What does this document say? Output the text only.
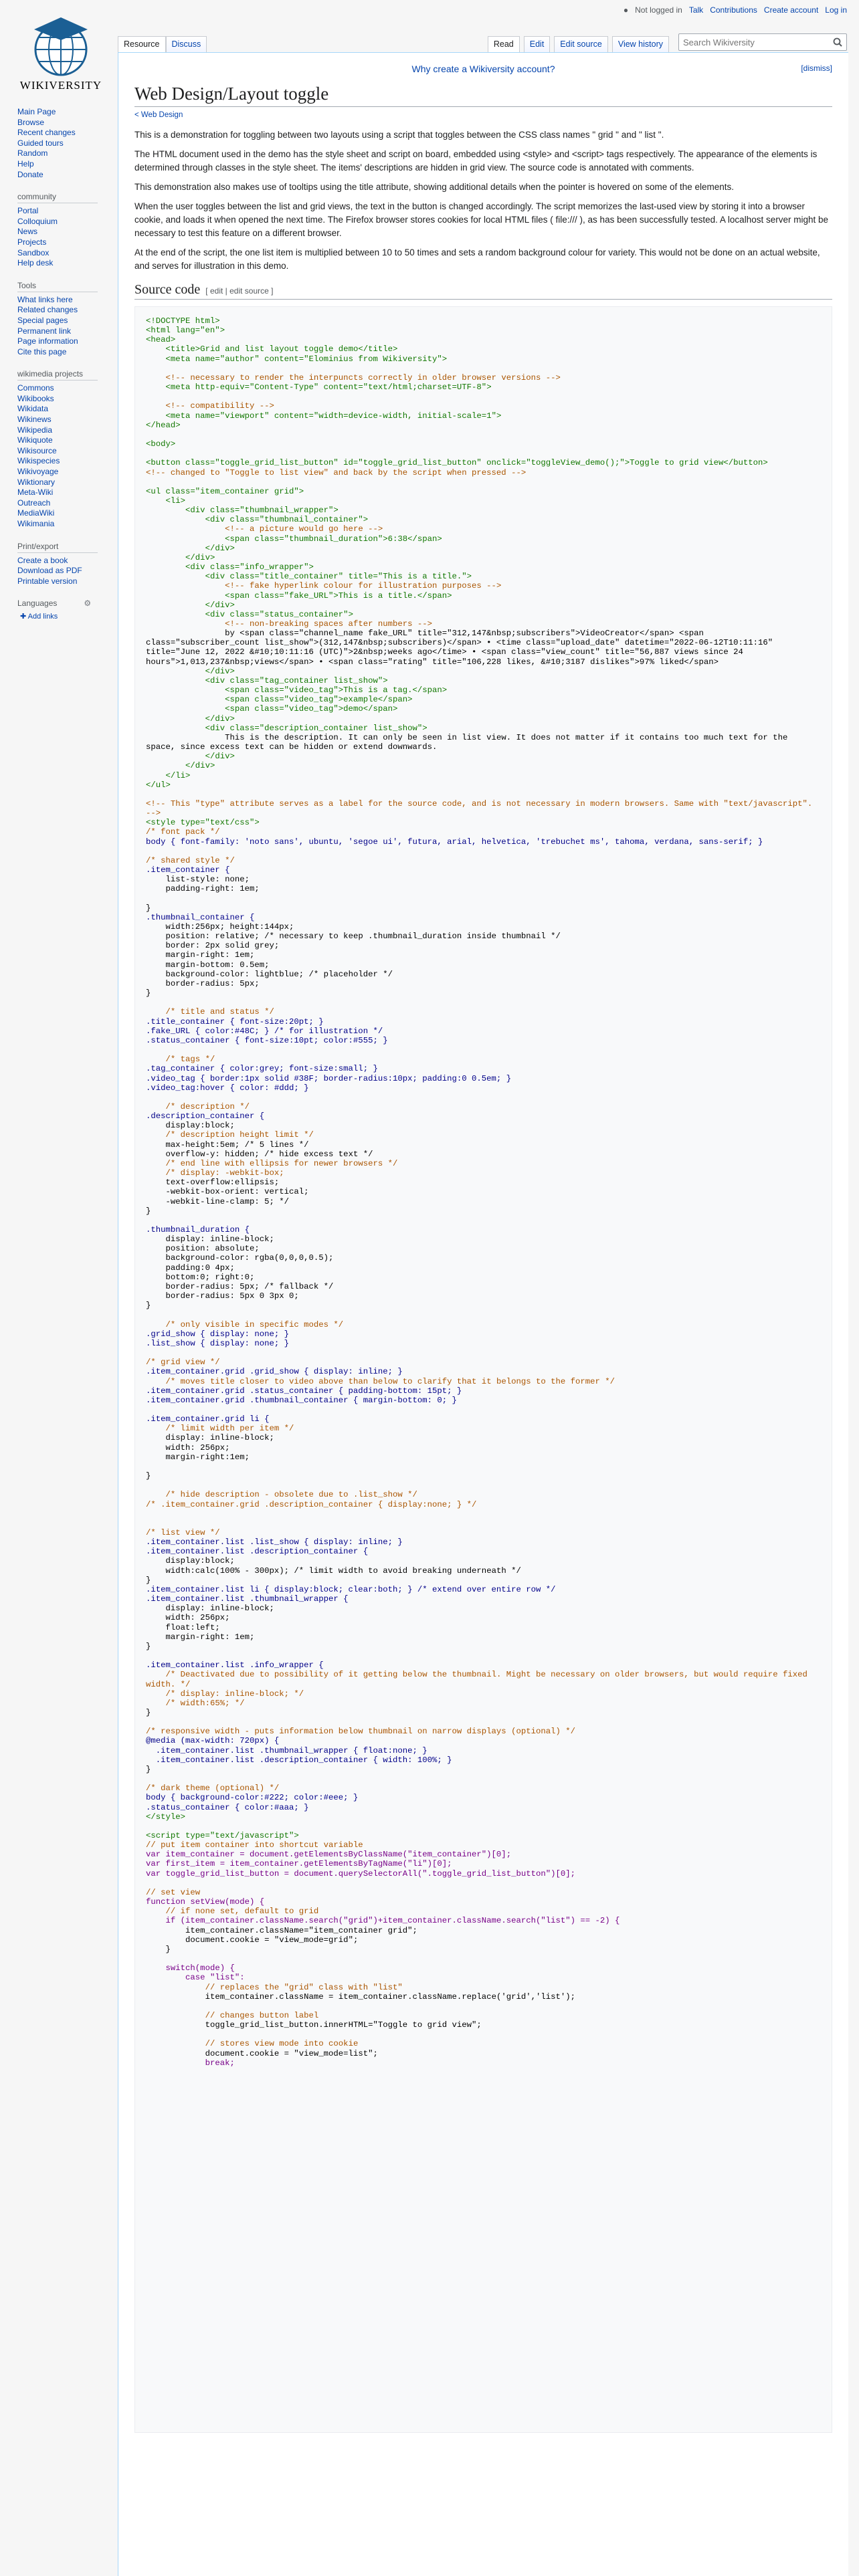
● Not logged in Talk Contributions Create account Log in
WIKIVERSITY
Resource	Discuss	Read	Edit	Edit source	View history
Search Wikiversity
Main Page
Browse
Recent changes
Guided tours
Random
Help
Donate
community
Portal
Colloquium
News
Projects
Sandbox
Help desk
Tools
What links here
Related changes
Special pages
Permanent link
Page information
Cite this page
wikimedia projects
Commons
Wikibooks
Wikidata
Wikinews
Wikipedia
Wikiquote
Wikisource
Wikispecies
Wikivoyage
Wiktionary
Meta-Wiki
Outreach
MediaWiki
Wikimania
Print/export
Create a book
Download as PDF
Printable version
Languages	⚙
✚ Add links
Why create a Wikiversity account?	[dismiss]
Web Design/Layout toggle
< Web Design

This is a demonstration for toggling between two layouts using a script that toggles between the CSS class names " grid " and " list ".

The HTML document used in the demo has the style sheet and script on board, embedded using <style> and <script> tags respectively. The appearance of the elements is determined through classes in the style sheet. The items' descriptions are hidden in grid view. The source code is annotated with comments.

This demonstration also makes use of tooltips using the title attribute, showing additional details when the pointer is hovered on some of the elements.

When the user toggles between the list and grid views, the text in the button is changed accordingly. The script memorizes the last-used view by storing it into a browser cookie, and loads it when opened the next time. The Firefox browser stores cookies for local HTML files ( file:/// ), as has been successfully tested. A localhost server might be necessary to test this feature on a different browser.

At the end of the script, the one list item is multiplied between 10 to 50 times and sets a random background colour for variety. This would not be done on an actual website, and serves for illustration in this demo.

Source code [ edit | edit source ]
<!DOCTYPE html>
<html lang="en">
<head>
<title>Grid and list layout toggle demo</title>
<meta name="author" content="Elominius from Wikiversity">

<!-- necessary to render the interpuncts correctly in older browser versions -->
<meta http-equiv="Content-Type" content="text/html;charset=UTF-8">

<!-- compatibility -->
<meta name="viewport" content="width=device-width, initial-scale=1">
</head>

<body>

<button class="toggle_grid_list_button" id="toggle_grid_list_button" onclick="toggleView_demo();">Toggle to grid view</button>
<!-- changed to "Toggle to list view" and back by the script when pressed -->

<ul class="item_container grid">
<li>
<div class="thumbnail_wrapper">
<div class="thumbnail_container">
<!-- a picture would go here -->
<span class="thumbnail_duration">6:38</span>
</div>
</div>
<div class="info_wrapper">
<div class="title_container" title="This is a title.">
<!-- fake hyperlink colour for illustration purposes -->
<span class="fake_URL">This is a title.</span>
</div>
<div class="status_container">
<!-- non-breaking spaces after numbers -->
by <span class="channel_name fake_URL" title="312,147&nbsp;subscribers">VideoCreator</span> <span class="subscriber_count list_show">(312,147&nbsp;subscribers)</span> • <time class="upload_date" datetime="2022-06-12T10:11:16" title="June 12, 2022 &#10;10:11:16 (UTC)">2&nbsp;weeks ago</time> • <span class="view_count" title="56,887 views since 24 hours">1,013,237&nbsp;views</span> • <span class="rating" title="106,228 likes, &#10;3187 dislikes">97% liked</span>
</div>
<div class="tag_container list_show">
<span class="video_tag">This is a tag.</span>
<span class="video_tag">example</span>
<span class="video_tag">demo</span>
</div>
<div class="description_container list_show">
This is the description. It can only be seen in list view. It does not matter if it contains too much text for the space, since excess text can be hidden or extend downwards.
</div>
</div>
</li>
</ul>

<!-- This "type" attribute serves as a label for the source code, and is not necessary in modern browsers. Same with "text/javascript". -->
<style type="text/css">
/* font pack */
body { font-family: 'noto sans', ubuntu, 'segoe ui', futura, arial, helvetica, 'trebuchet ms', tahoma, verdana, sans-serif; }

/* shared style */
.item_container {
list-style: none;
padding-right: 1em;

}
.thumbnail_container {
width:256px; height:144px;
position: relative; /* necessary to keep .thumbnail_duration inside thumbnail */
border: 2px solid grey;
margin-right: 1em;
margin-bottom: 0.5em;
background-color: lightblue; /* placeholder */
border-radius: 5px;
}

/* title and status */
.title_container { font-size:20pt; }
.fake_URL { color:#48C; } /* for illustration */
.status_container { font-size:10pt; color:#555; }

/* tags */
.tag_container { color:grey; font-size:small; }
.video_tag { border:1px solid #38F; border-radius:10px; padding:0 0.5em; }
.video_tag:hover { color: #ddd; }

/* description */
.description_container {
display:block;
/* description height limit */
max-height:5em; /* 5 lines */
overflow-y: hidden; /* hide excess text */
/* end line with ellipsis for newer browsers */
/* display: -webkit-box;
text-overflow:ellipsis;
-webkit-box-orient: vertical;
-webkit-line-clamp: 5; */
}

.thumbnail_duration {
display: inline-block;
position: absolute;
background-color: rgba(0,0,0,0.5);
padding:0 4px;
bottom:0; right:0;
border-radius: 5px; /* fallback */
border-radius: 5px 0 3px 0;
}

/* only visible in specific modes */
.grid_show { display: none; }
.list_show { display: none; }

/* grid view */
.item_container.grid .grid_show { display: inline; }
/* moves title closer to video above than below to clarify that it belongs to the former */
.item_container.grid .status_container { padding-bottom: 15pt; }
.item_container.grid .thumbnail_container { margin-bottom: 0; }

.item_container.grid li {
/* limit width per item */
display: inline-block;
width: 256px;
margin-right:1em;

}

/* hide description - obsolete due to .list_show */
/* .item_container.grid .description_container { display:none; } */

/* list view */
.item_container.list .list_show { display: inline; }
.item_container.list .description_container {
display:block;
width:calc(100% - 300px); /* limit width to avoid breaking underneath */
}
.item_container.list li { display:block; clear:both; } /* extend over entire row */
.item_container.list .thumbnail_wrapper {
display: inline-block;
width: 256px;
float:left;
margin-right: 1em;
}

.item_container.list .info_wrapper {
/* Deactivated due to possibility of it getting below the thumbnail. Might be necessary on older browsers, but would require fixed width. */
/* display: inline-block; */
/* width:65%; */
}

/* responsive width - puts information below thumbnail on narrow displays (optional) */
@media (max-width: 720px) {
.item_container.list .thumbnail_wrapper { float:none; }
.item_container.list .description_container { width: 100%; }
}

/* dark theme (optional) */
body { background-color:#222; color:#eee; }
.status_container { color:#aaa; }
</style>

<script type="text/javascript">
// put item container into shortcut variable
var item_container = document.getElementsByClassName("item_container")[0];
var first_item = item_container.getElementsByTagName("li")[0];
var toggle_grid_list_button = document.querySelectorAll(".toggle_grid_list_button")[0];

// set view
function setView(mode) {
// if none set, default to grid
if (item_container.className.search("grid")+item_container.className.search("list") == -2) {
item_container.className="item_container grid";
document.cookie = "view_mode=grid";
}

switch(mode) {
case "list":
// replaces the "grid" class with "list"
item_container.className = item_container.className.replace('grid','list');

// changes button label
toggle_grid_list_button.innerHTML="Toggle to grid view";

// stores view mode into cookie
document.cookie = "view_mode=list";
break;
